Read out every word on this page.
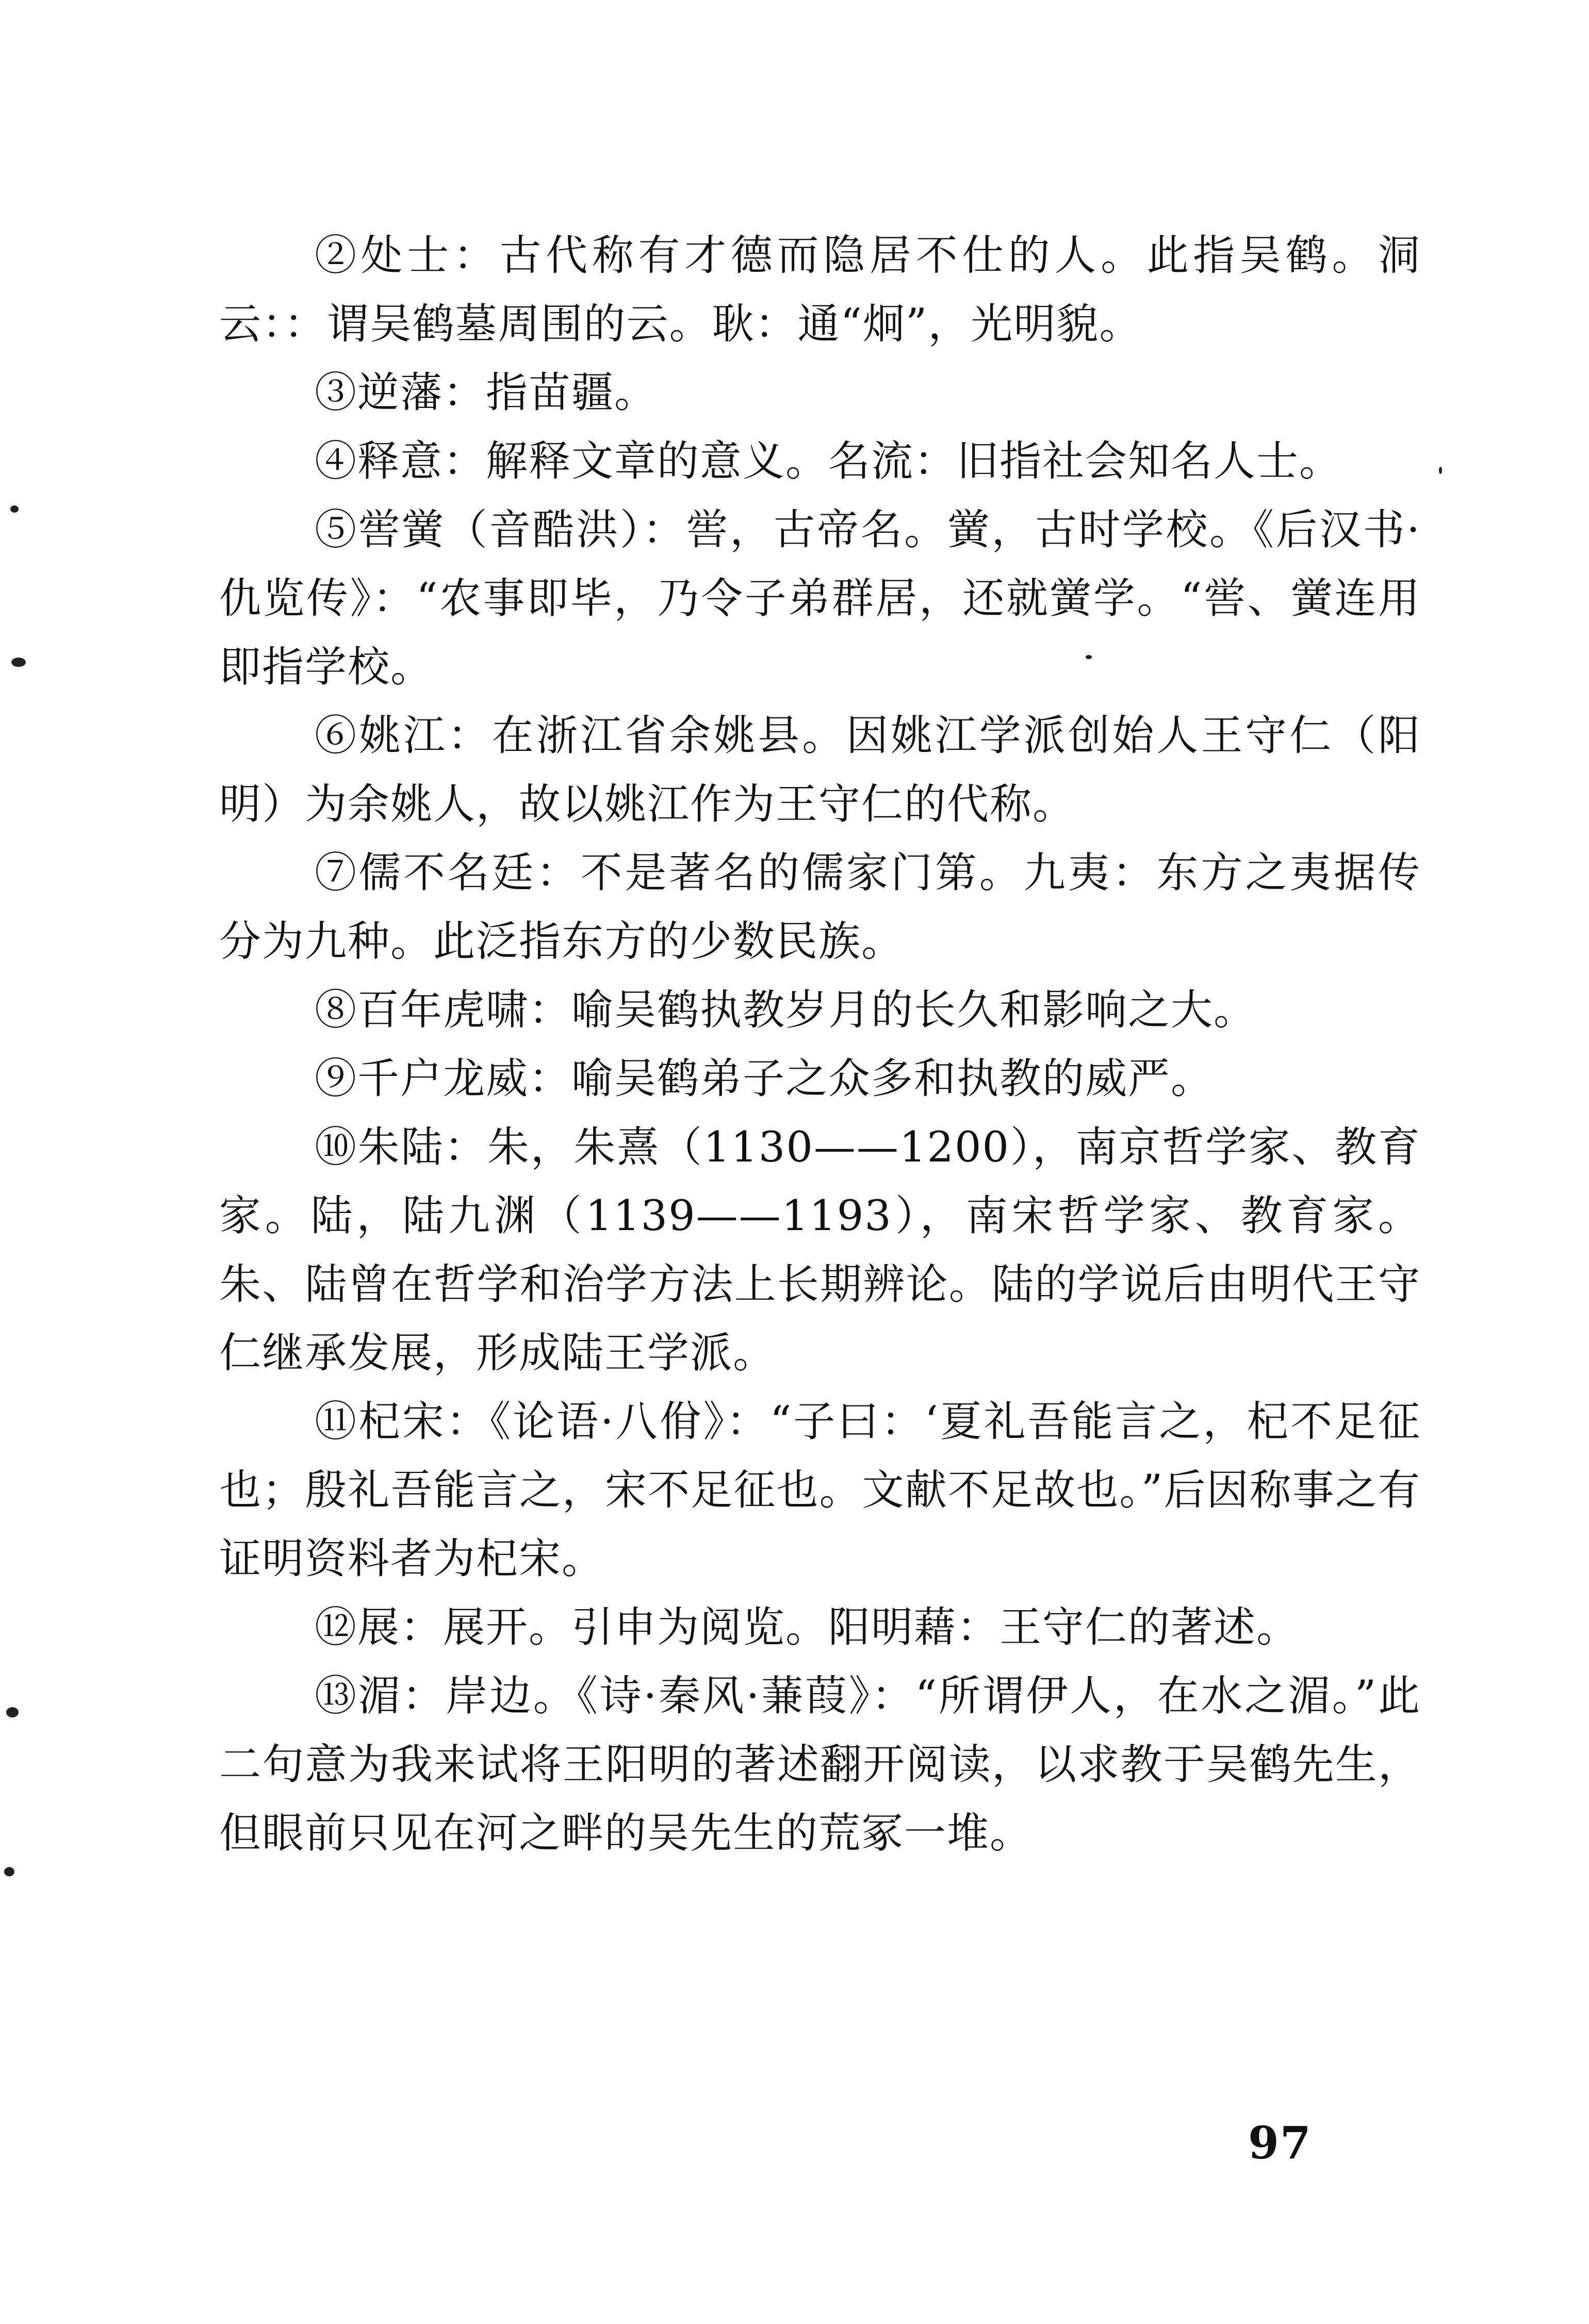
②处士：古代称有才德而隐居不仕的人。此指吴鹤。洞云：：谓吴鹤墓周围的云。耿：通“炯”，光明貌。

③逆藩：指苗疆。

④释意：解释文章的意义。名流：旧指社会知名人士。

⑤喾黉（音酷洪）：喾，古帝名。黉，古时学校。《后汉书·仇览传》：“农事即毕，乃令子弟群居，还就黉学。“喾、黉连用即指学校。

⑥姚江：在浙江省余姚县。因姚江学派创始人王守仁（阳明）为余姚人，故以姚江作为王守仁的代称。

⑦儒不名廷：不是著名的儒家门第。九夷：东方之夷据传分为九种。此泛指东方的少数民族。

⑧百年虎啸：喻吴鹤执教岁月的长久和影响之大。

⑨千户龙威：喻吴鹤弟子之众多和执教的威严。

⑩朱陆：朱，朱熹（1130——1200），南京哲学家、教育家。陆，陆九渊（1139——1193），南宋哲学家、教育家。朱、陆曾在哲学和治学方法上长期辨论。陆的学说后由明代王守仁继承发展，形成陆王学派。

⑪杞宋：《论语·八佾》：“子曰：‘夏礼吾能言之，杞不足征也；殷礼吾能言之，宋不足征也。文献不足故也。”后因称事之有证明资料者为杞宋。

⑫展：展开。引申为阅览。阳明藉：王守仁的著述。

⑬湄：岸边。《诗·秦风·蒹葭》：“所谓伊人，在水之湄。”此二句意为我来试将王阳明的著述翻开阅读，以求教于吴鹤先生，但眼前只见在河之畔的吴先生的荒冢一堆。

97
